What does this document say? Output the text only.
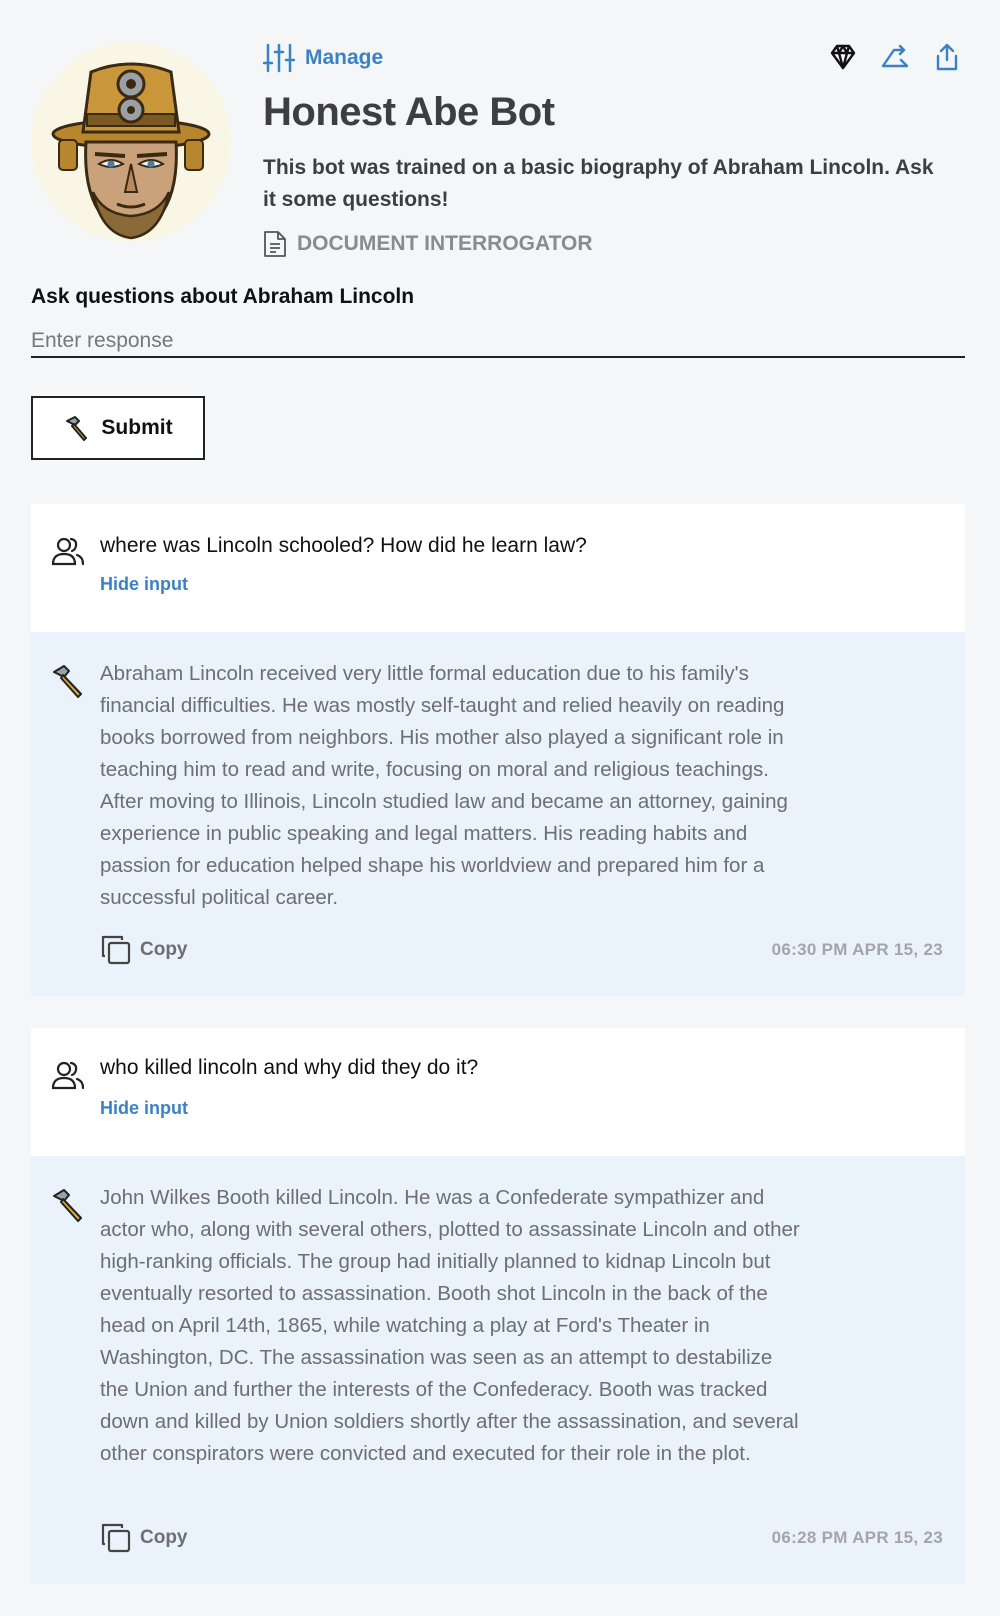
Manage
Honest Abe Bot

This bot was trained on a basic biography of Abraham Lincoln. Ask it some questions!

DOCUMENT INTERROGATOR
Ask questions about Abraham Lincoln
Enter response
Submit
where was Lincoln schooled? How did he learn law?
Hide input

Abraham Lincoln received very little formal education due to his family's financial difficulties. He was mostly self-taught and relied heavily on reading books borrowed from neighbors. His mother also played a significant role in teaching him to read and write, focusing on moral and religious teachings. After moving to Illinois, Lincoln studied law and became an attorney, gaining experience in public speaking and legal matters. His reading habits and passion for education helped shape his worldview and prepared him for a successful political career.

Copy	06:30 PM APR 15, 23
who killed lincoln and why did they do it?
Hide input

John Wilkes Booth killed Lincoln. He was a Confederate sympathizer and actor who, along with several others, plotted to assassinate Lincoln and other high-ranking officials. The group had initially planned to kidnap Lincoln but eventually resorted to assassination. Booth shot Lincoln in the back of the head on April 14th, 1865, while watching a play at Ford's Theater in Washington, DC. The assassination was seen as an attempt to destabilize the Union and further the interests of the Confederacy. Booth was tracked down and killed by Union soldiers shortly after the assassination, and several other conspirators were convicted and executed for their role in the plot.

Copy	06:28 PM APR 15, 23
